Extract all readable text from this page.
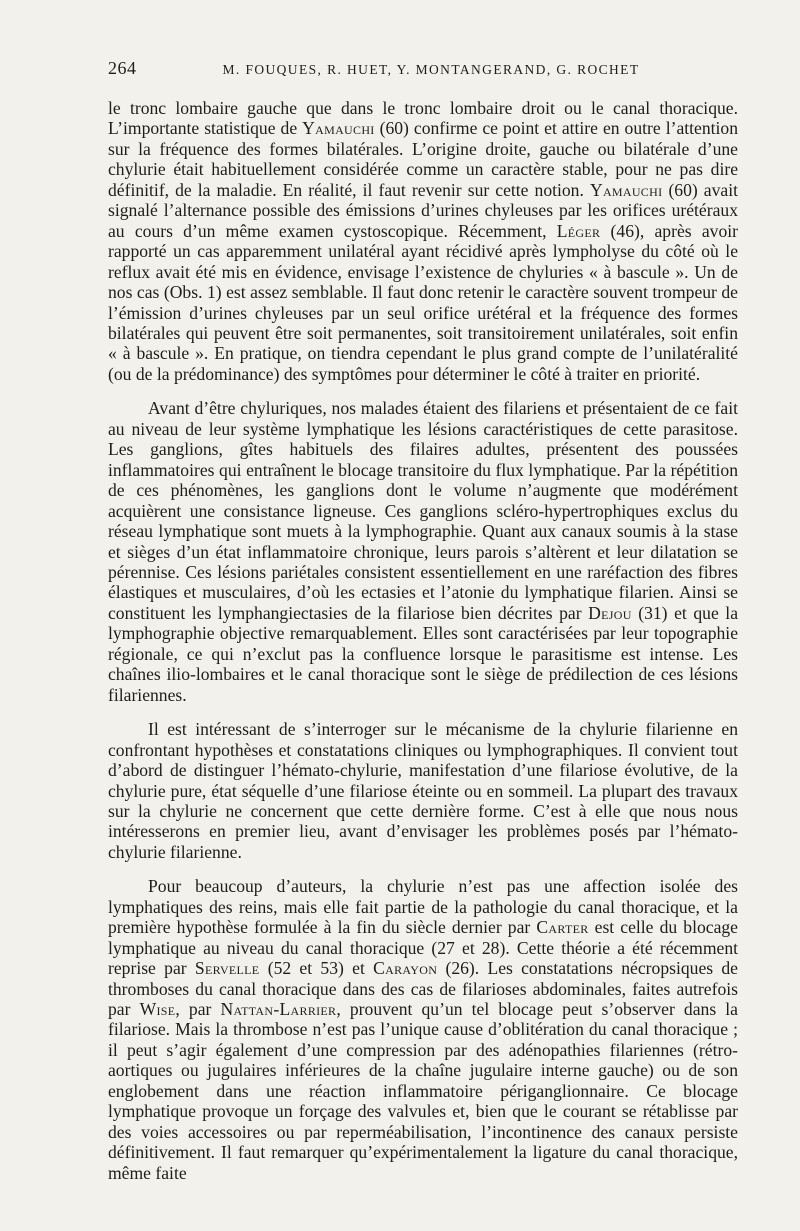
264	M. FOUQUES, R. HUET, Y. MONTANGERAND, G. ROCHET

le tronc lombaire gauche que dans le tronc lombaire droit ou le canal thoracique. L’importante statistique de Yamauchi (60) confirme ce point et attire en outre l’attention sur la fréquence des formes bilatérales. L’origine droite, gauche ou bilatérale d’une chylurie était habituellement considérée comme un caractère stable, pour ne pas dire définitif, de la maladie. En réalité, il faut revenir sur cette notion. Yamauchi (60) avait signalé l’alternance possible des émissions d’urines chyleuses par les orifices urétéraux au cours d’un même examen cystoscopique. Récemment, Léger (46), après avoir rapporté un cas apparemment unilatéral ayant récidivé après lympholyse du côté où le reflux avait été mis en évidence, envisage l’existence de chyluries « à bascule ». Un de nos cas (Obs. 1) est assez semblable. Il faut donc retenir le caractère souvent trompeur de l’émission d’urines chyleuses par un seul orifice urétéral et la fréquence des formes bilatérales qui peuvent être soit permanentes, soit transitoirement unilatérales, soit enfin « à bascule ». En pratique, on tiendra cependant le plus grand compte de l’unilatéralité (ou de la prédominance) des symptômes pour déterminer le côté à traiter en priorité.

Avant d’être chyluriques, nos malades étaient des filariens et présentaient de ce fait au niveau de leur système lymphatique les lésions caractéristiques de cette parasitose. Les ganglions, gîtes habituels des filaires adultes, présentent des poussées inflammatoires qui entraînent le blocage transitoire du flux lymphatique. Par la répétition de ces phénomènes, les ganglions dont le volume n’augmente que modérément acquièrent une consistance ligneuse. Ces ganglions scléro-hypertrophiques exclus du réseau lymphatique sont muets à la lymphographie. Quant aux canaux soumis à la stase et sièges d’un état inflammatoire chronique, leurs parois s’altèrent et leur dilatation se pérennise. Ces lésions pariétales consistent essentiellement en une raréfaction des fibres élastiques et musculaires, d’où les ectasies et l’atonie du lymphatique filarien. Ainsi se constituent les lymphangiectasies de la filariose bien décrites par Dejou (31) et que la lymphographie objective remarquablement. Elles sont caractérisées par leur topographie régionale, ce qui n’exclut pas la confluence lorsque le parasitisme est intense. Les chaînes ilio-lombaires et le canal thoracique sont le siège de prédilection de ces lésions filariennes.

Il est intéressant de s’interroger sur le mécanisme de la chylurie filarienne en confrontant hypothèses et constatations cliniques ou lymphographiques. Il convient tout d’abord de distinguer l’hémato-chylurie, manifestation d’une filariose évolutive, de la chylurie pure, état séquelle d’une filariose éteinte ou en sommeil. La plupart des travaux sur la chylurie ne concernent que cette dernière forme. C’est à elle que nous nous intéresserons en premier lieu, avant d’envisager les problèmes posés par l’hémato-chylurie filarienne.

Pour beaucoup d’auteurs, la chylurie n’est pas une affection isolée des lymphatiques des reins, mais elle fait partie de la pathologie du canal thoracique, et la première hypothèse formulée à la fin du siècle dernier par Carter est celle du blocage lymphatique au niveau du canal thoracique (27 et 28). Cette théorie a été récemment reprise par Servelle (52 et 53) et Carayon (26). Les constatations nécropsiques de thromboses du canal thoracique dans des cas de filarioses abdominales, faites autrefois par Wise, par Nattan-Larrier, prouvent qu’un tel blocage peut s’observer dans la filariose. Mais la thrombose n’est pas l’unique cause d’oblitération du canal thoracique ; il peut s’agir également d’une compression par des adénopathies filariennes (rétro-aortiques ou jugulaires inférieures de la chaîne jugulaire interne gauche) ou de son englobement dans une réaction inflammatoire périganglionnaire. Ce blocage lymphatique provoque un forçage des valvules et, bien que le courant se rétablisse par des voies accessoires ou par reperméabilisation, l’incontinence des canaux persiste définitivement. Il faut remarquer qu’expérimentalement la ligature du canal thoracique, même faite
